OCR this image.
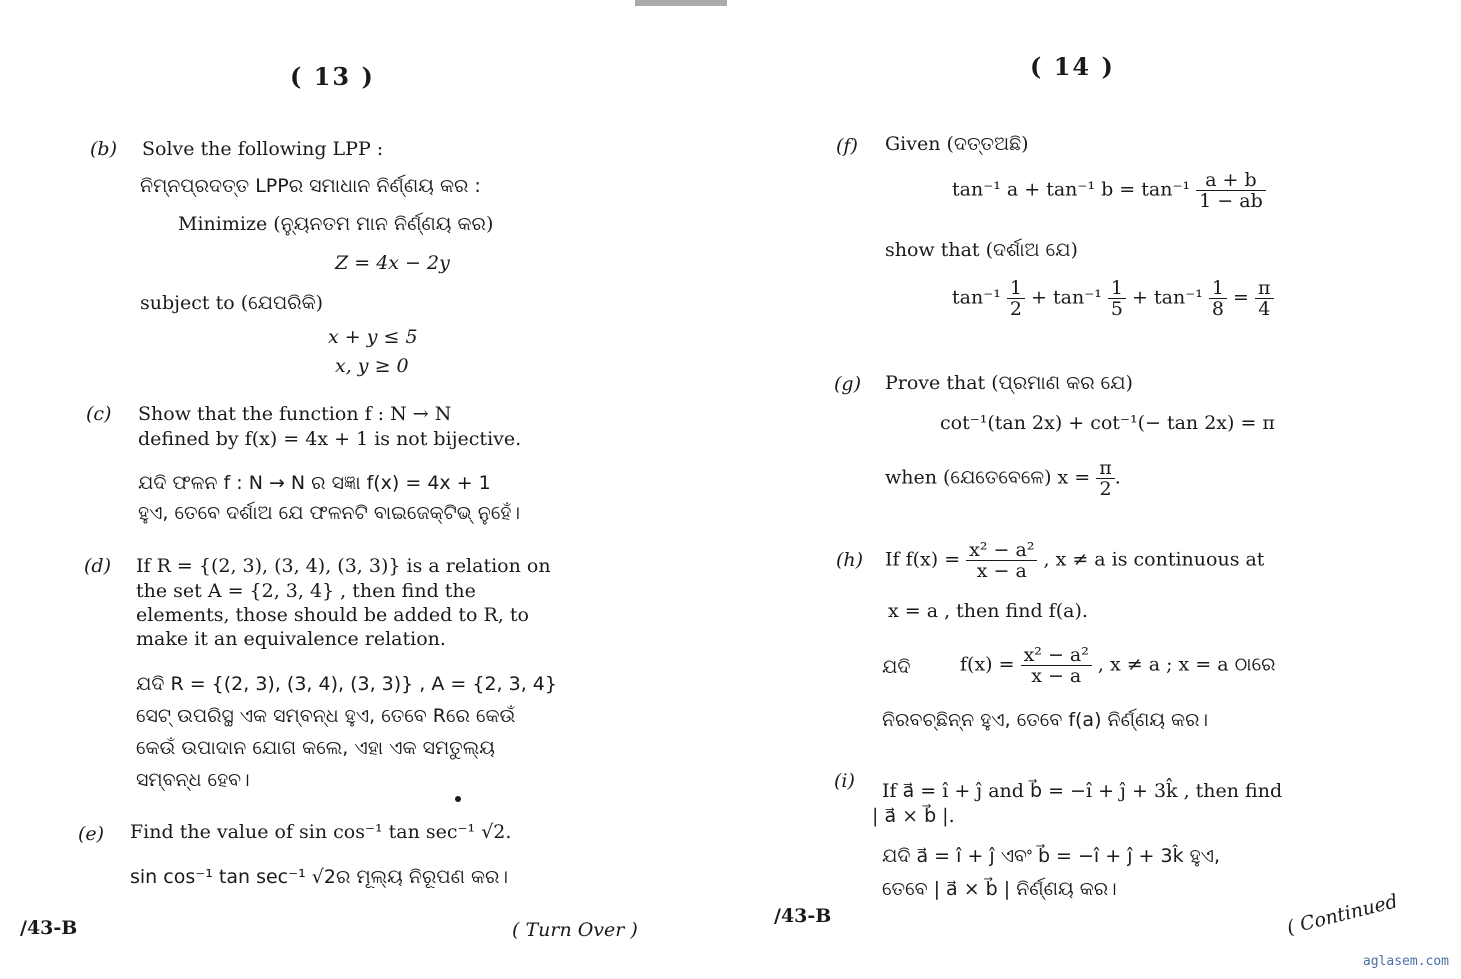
( 13 )
(b) Solve the following LPP :
ନିମ୍ନପ୍ରଦତ୍ତ LPPର ସମାଧାନ ନିର୍ଣ୍ଣୟ କର :
Minimize (ନ୍ୟୁନତମ ମାନ ନିର୍ଣ୍ଣୟ କର)
Z = 4x − 2y
subject to (ଯେପରିକି)
x + y ≤ 5
x, y ≥ 0
(c) Show that the function f : N → N
defined by f(x) = 4x + 1 is not bijective.
ଯଦି ଫଳନ f : N → N ର ସଜ୍ଞା f(x) = 4x + 1
ହୁଏ, ତେବେ ଦର୍ଶାଅ ଯେ ଫଳନଟି ବାଇଜେକ୍ଟିଭ୍ ନୁହେଁ।
(d) If R = {(2, 3), (3, 4), (3, 3)} is a relation on
the set A = {2, 3, 4} , then find the
elements, those should be added to R, to
make it an equivalence relation.
ଯଦି R = {(2, 3), (3, 4), (3, 3)} , A = {2, 3, 4}
ସେଟ୍ ଉପରିସ୍ଥ ଏକ ସମ୍ବନ୍ଧ ହୁଏ, ତେବେ Rରେ କେଉଁ
କେଉଁ ଉପାଦାନ ଯୋଗ କଲେ, ଏହା ଏକ ସମତୁଲ୍ୟ
ସମ୍ବନ୍ଧ ହେବ।
(e) Find the value of sin cos⁻¹ tan sec⁻¹ √2.
sin cos⁻¹ tan sec⁻¹ √2ର ମୂଲ୍ୟ ନିରୂପଣ କର।
/43-B	( Turn Over )
( 14 )
(f) Given (ଦତ୍ତଅଛି)
tan⁻¹ a + tan⁻¹ $b = \tan^{-1} \frac{a + b}{1 - ab}$
show that (ଦର୍ଶାଅ ଯେ)
$\tan^{-1} \frac{1}{2} + \tan^{-1} \frac{1}{5} + \tan^{-1} \frac{1}{8} = \frac{\pi}{4}$
(g) Prove that (ପ୍ରମାଣ କର ଯେ)
cot⁻¹(tan 2x) + cot⁻¹(− tan 2x) = π
when (ଯେତେବେଳେ) $x = \frac{\pi}{2}$ .
(h) If $f(x) = \frac{\text{x² − a²}}{x - a}$ , x ≠ a is continuous at
x = a , then find f(a).
ଯଦି	$f(x) = \frac{\text{x² − a²}}{x - a}$ , x ≠ a ; x = a ଠାରେ
ନିରବଚ୍ଛିନ୍ନ ହୁଏ, ତେବେ f(a) ନିର୍ଣ୍ଣୟ କର।
(i) If a⃗ = î + ĵ and b⃗ = −î + ĵ + 3k̂ , then find
| a⃗ × b⃗ |.
ଯଦି a⃗ = î + ĵ ଏବଂ b⃗ = −î + ĵ + 3k̂ ହୁଏ,
ତେବେ | a⃗ × b⃗ | ନିର୍ଣ୍ଣୟ କର।
/43-B	( Continued
aglasem.com
